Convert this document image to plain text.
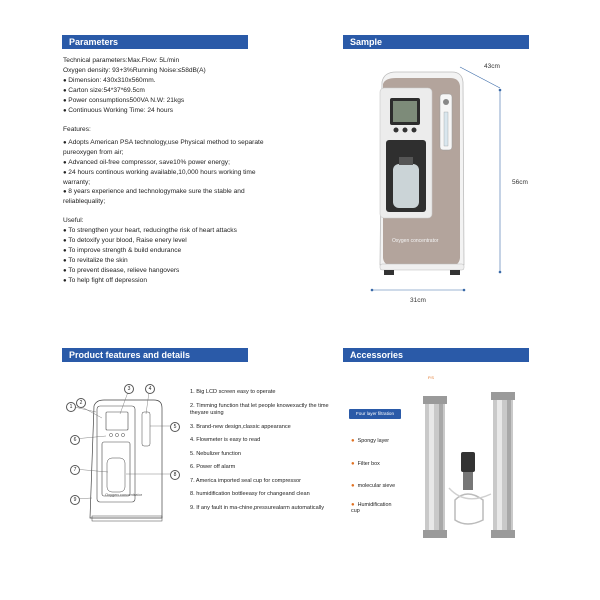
Parameters	Sample
Product features and details	Accessories
Technical parameters:Max.Flow: 5L/min
Oxygen density: 93+3%Running Noise:≤58dB(A)
● Dimension: 430x310x560mm.
● Carton size:54*37*69.5cm
● Power consumptions500VA N.W: 21kgs
● Continuous Working Time: 24 hours
Features:
● Adopts American PSA technology,use Physical method to separate pureoxygen from air;
● Advanced oil-free compressor, save10% power energy;
● 24 hours continous working available,10,000 hours working time warranty;
● 8 years experience and technologymake sure the stable and reliablequality;
Useful:
● To strengthen your heart, reducingthe risk of heart attacks
● To detoxify your blood, Raise enery level
● To improve strength & build endurance
● To revitalize the skin
● To prevent disease, relieve hangovers
● To help fight off depression
Oxygen concentrator
43cm
56cm
31cm
Oxygen concentrator
1
2
3	4
5
6
7
8
9
1. Big LCD screen easy to operate
2. Timming function that let people knowexactly the time theyare using
3. Brand-new design,classic appearance
4. Flowmeter is easy to read
5. Nebulizer function
6. Power off alarm
7. America imported seal cup for compressor
8. humidification bottleeasy for changeand clean
9. If any fault in ma-chine,pressurealarm automatically
P.S
Four layer filtration
● Spongy layer
● Filter box
● molecular sieve
● Humidification cup
